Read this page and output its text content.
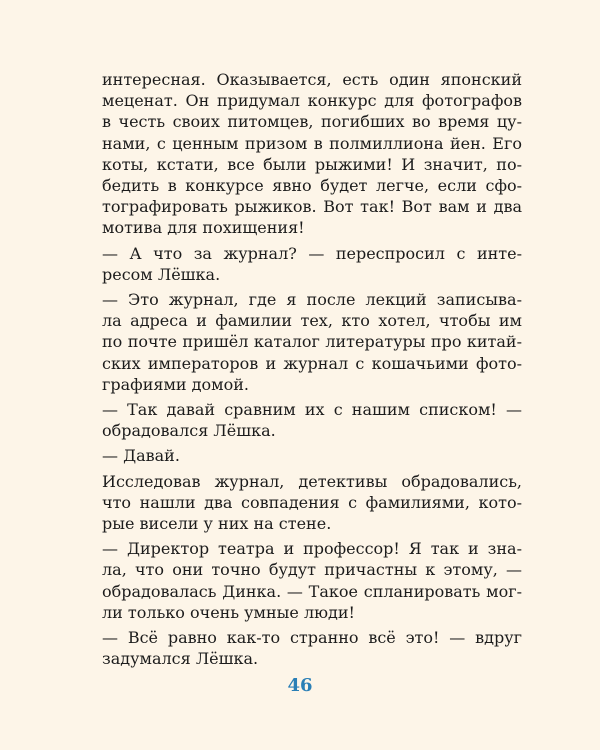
интересная. Оказывается, есть один японский
меценат. Он придумал конкурс для фотографов
в честь своих питомцев, погибших во время цу-
нами, с ценным призом в полмиллиона йен. Его
коты, кстати, все были рыжими! И значит, по-
бедить в конкурсе явно будет легче, если сфо-
тографировать рыжиков. Вот так! Вот вам и два
мотива для похищения!

— А что за журнал? — переспросил с инте-
ресом Лёшка.

— Это журнал, где я после лекций записыва-
ла адреса и фамилии тех, кто хотел, чтобы им
по почте пришёл каталог литературы про китай-
ских императоров и журнал с кошачьими фото-
графиями домой.

— Так давай сравним их с нашим списком! —
обрадовался Лёшка.

— Давай.

Исследовав журнал, детективы обрадовались,
что нашли два совпадения с фамилиями, кото-
рые висели у них на стене.

— Директор театра и профессор! Я так и зна-
ла, что они точно будут причастны к этому, —
обрадовалась Динка. — Такое спланировать мог-
ли только очень умные люди!

— Всё равно как-то странно всё это! — вдруг
задумался Лёшка.

46
